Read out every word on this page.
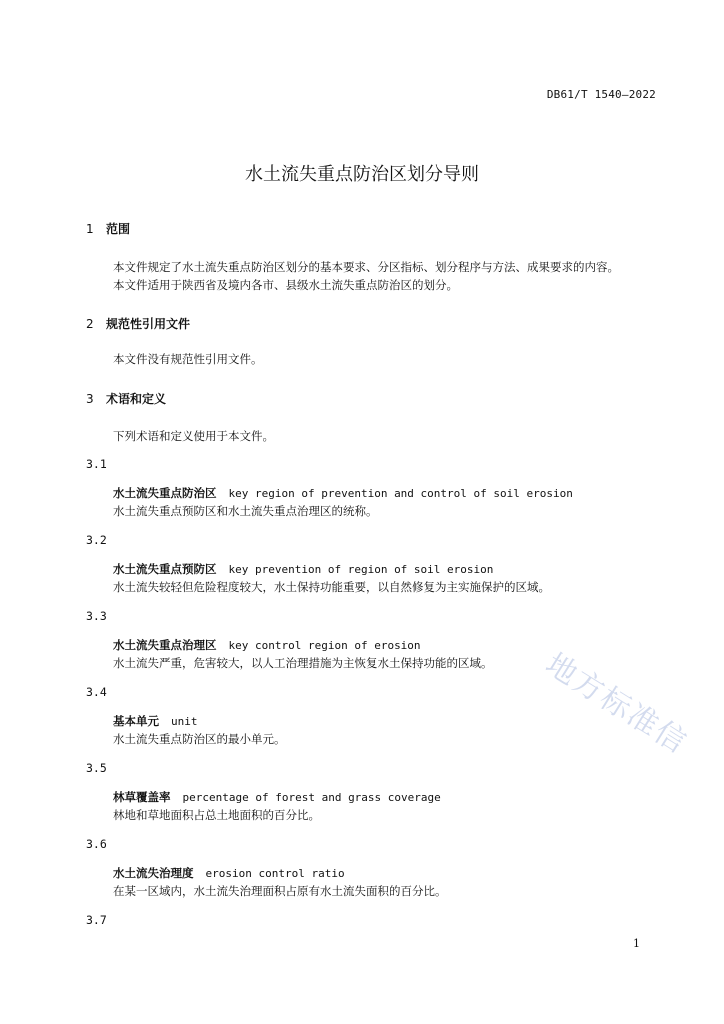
DB61/T 1540—2022
水土流失重点防治区划分导则
1 范围
本文件规定了水土流失重点防治区划分的基本要求、分区指标、划分程序与方法、成果要求的内容。
本文件适用于陕西省及境内各市、县级水土流失重点防治区的划分。
2 规范性引用文件
本文件没有规范性引用文件。
3 术语和定义
下列术语和定义使用于本文件。
3.1
水土流失重点防治区 key region of prevention and control of soil erosion
水土流失重点预防区和水土流失重点治理区的统称。
3.2
水土流失重点预防区 key prevention of region of soil erosion
水土流失较轻但危险程度较大，水土保持功能重要，以自然修复为主实施保护的区域。
3.3
水土流失重点治理区 key control region of erosion
水土流失严重，危害较大，以人工治理措施为主恢复水土保持功能的区域。
3.4
基本单元 unit
水土流失重点防治区的最小单元。
3.5
林草覆盖率 percentage of forest and grass coverage
林地和草地面积占总土地面积的百分比。
3.6
水土流失治理度 erosion control ratio
在某一区域内，水土流失治理面积占原有水土流失面积的百分比。
3.7
1
地方标准信
